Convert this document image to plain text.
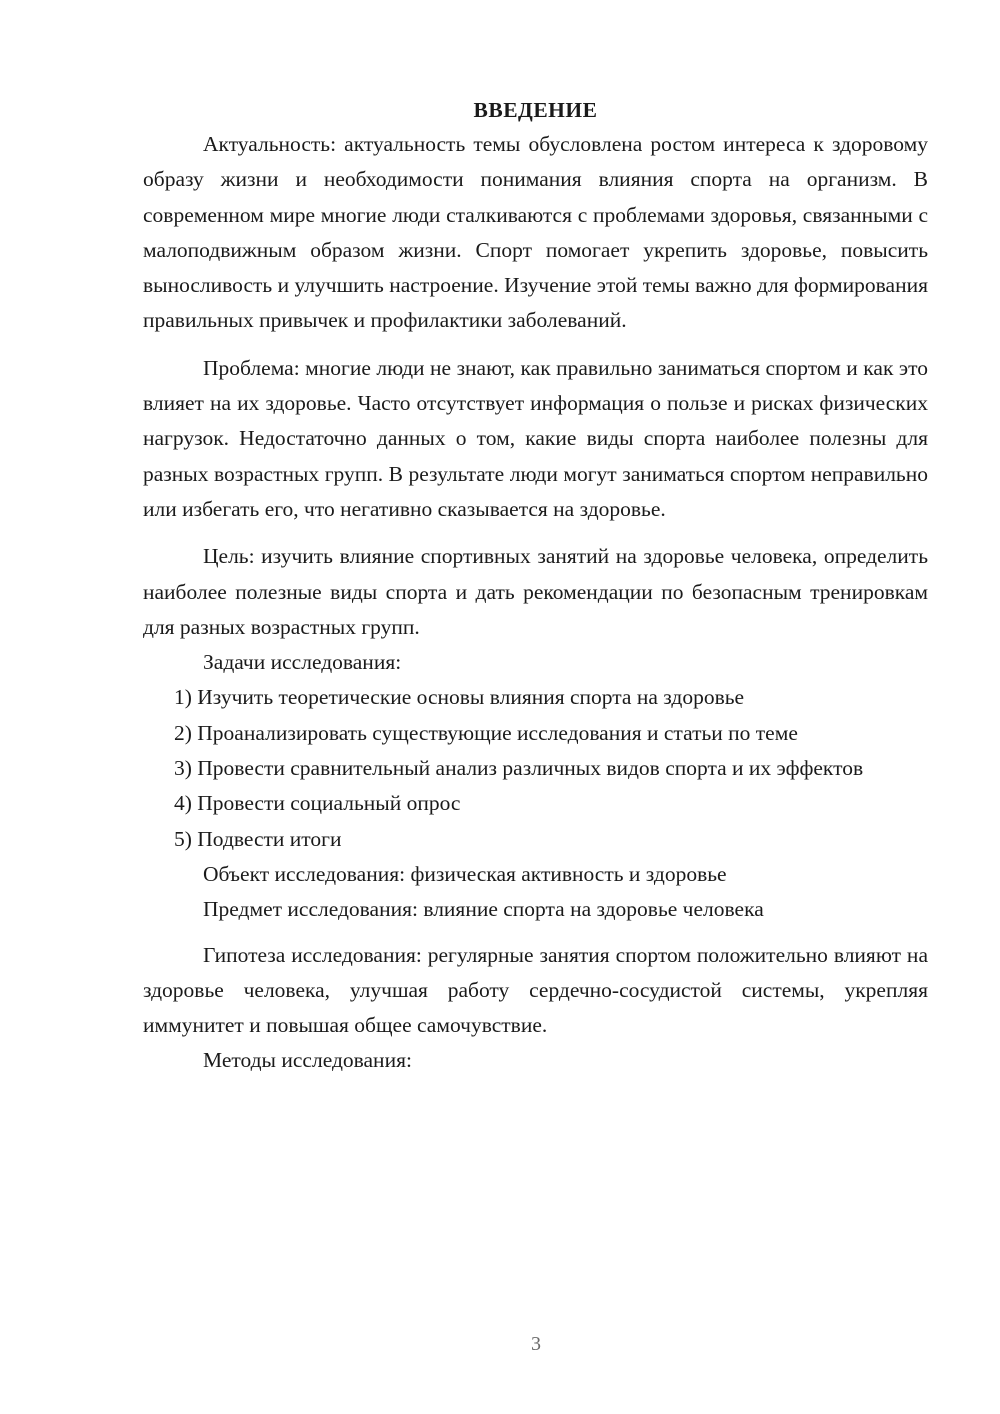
ВВЕДЕНИЕ

Актуальность: актуальность темы обусловлена ростом интереса к здоровому образу жизни и необходимости понимания влияния спорта на организм. В современном мире многие люди сталкиваются с проблемами здоровья, связанными с малоподвижным образом жизни. Спорт помогает укрепить здоровье, повысить выносливость и улучшить настроение. Изучение этой темы важно для формирования правильных привычек и профилактики заболеваний.

Проблема: многие люди не знают, как правильно заниматься спортом и как это влияет на их здоровье. Часто отсутствует информация о пользе и рисках физических нагрузок. Недостаточно данных о том, какие виды спорта наиболее полезны для разных возрастных групп. В результате люди могут заниматься спортом неправильно или избегать его, что негативно сказывается на здоровье.

Цель: изучить влияние спортивных занятий на здоровье человека, определить наиболее полезные виды спорта и дать рекомендации по безопасным тренировкам для разных возрастных групп.

Задачи исследования:

1) Изучить теоретические основы влияния спорта на здоровье

2) Проанализировать существующие исследования и статьи по теме

3) Провести сравнительный анализ различных видов спорта и их эффектов

4) Провести социальный опрос

5) Подвести итоги

Объект исследования: физическая активность и здоровье

Предмет исследования: влияние спорта на здоровье человека

Гипотеза исследования: регулярные занятия спортом положительно влияют на здоровье человека, улучшая работу сердечно-сосудистой системы, укрепляя иммунитет и повышая общее самочувствие.

Методы исследования:

3
